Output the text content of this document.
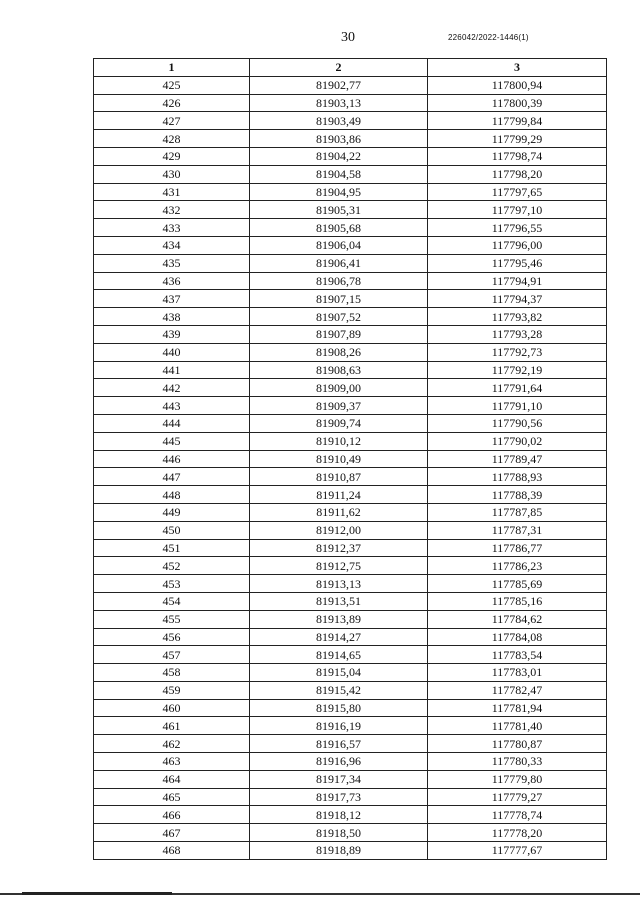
30	226042/2022-1446(1)
1	2	3
425	81902,77	117800,94
426	81903,13	117800,39
427	81903,49	117799,84
428	81903,86	117799,29
429	81904,22	117798,74
430	81904,58	117798,20
431	81904,95	117797,65
432	81905,31	117797,10
433	81905,68	117796,55
434	81906,04	117796,00
435	81906,41	117795,46
436	81906,78	117794,91
437	81907,15	117794,37
438	81907,52	117793,82
439	81907,89	117793,28
440	81908,26	117792,73
441	81908,63	117792,19
442	81909,00	117791,64
443	81909,37	117791,10
444	81909,74	117790,56
445	81910,12	117790,02
446	81910,49	117789,47
447	81910,87	117788,93
448	81911,24	117788,39
449	81911,62	117787,85
450	81912,00	117787,31
451	81912,37	117786,77
452	81912,75	117786,23
453	81913,13	117785,69
454	81913,51	117785,16
455	81913,89	117784,62
456	81914,27	117784,08
457	81914,65	117783,54
458	81915,04	117783,01
459	81915,42	117782,47
460	81915,80	117781,94
461	81916,19	117781,40
462	81916,57	117780,87
463	81916,96	117780,33
464	81917,34	117779,80
465	81917,73	117779,27
466	81918,12	117778,74
467	81918,50	117778,20
468	81918,89	117777,67
